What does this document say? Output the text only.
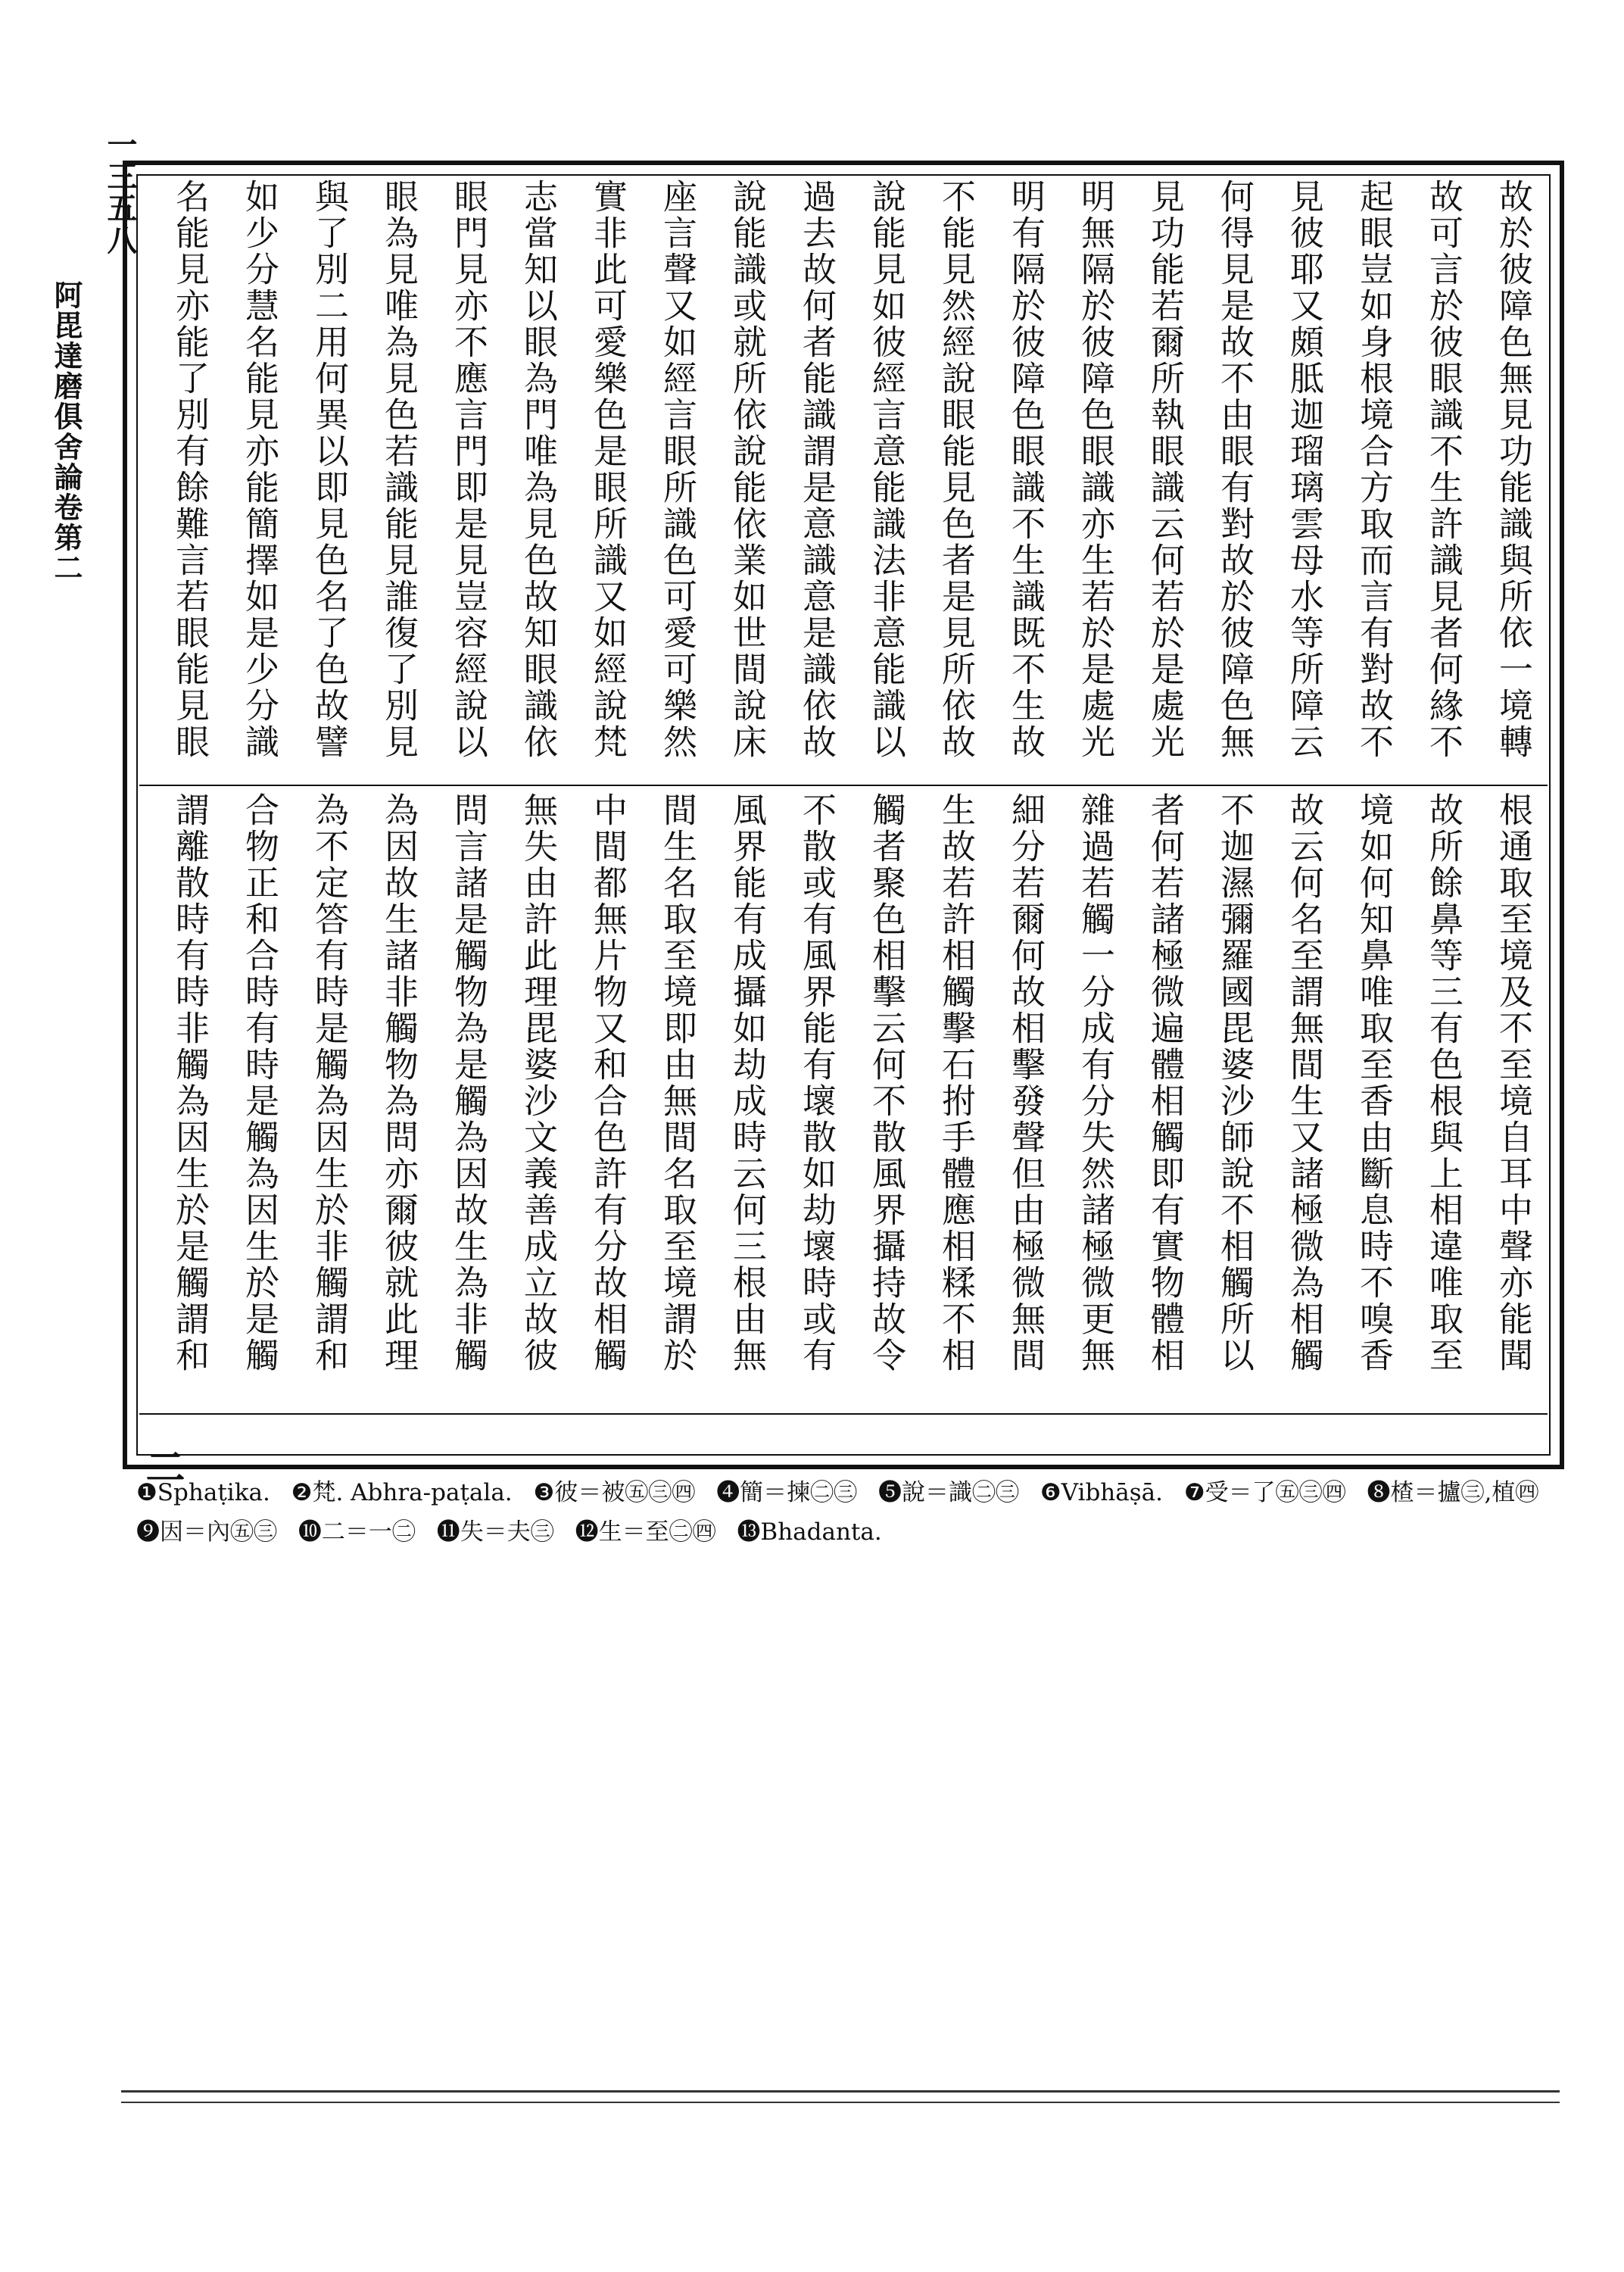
一三五八
阿毘達磨俱舍論卷第二
故於彼障色無見功能識與所依一境轉故可言於彼眼識不生許識見者何緣不起眼豈如身根境合方取而言有對故不見彼耶又頗胝迦瑠璃雲母水等所障云何得見是故不由眼有對故於彼障色無見功能若爾所執眼識云何若於是處光明無隔於彼障色眼識亦生若於是處光明有隔於彼障色眼識不生識既不生故不能見然經說眼能見色者是見所依故說能見如彼經言意能識法非意能識以過去故何者能識謂是意識意是識依故說能識或就所依說能依業如世間說床座言聲又如經言眼所識色可愛可樂然實非此可愛樂色是眼所識又如經說梵志當知以眼為門唯為見色故知眼識依眼門見亦不應言門即是見豈容經說以眼為見唯為見色若識能見誰復了別見與了別二用何異以即見色名了色故譬如少分慧名能見亦能簡擇如是少分識名能見亦能了別有餘難言若眼能見眼
根通取至境及不至境自耳中聲亦能聞故所餘鼻等三有色根與上相違唯取至境如何知鼻唯取至香由斷息時不嗅香故云何名至謂無間生又諸極微為相觸不迦濕彌羅國毘婆沙師說不相觸所以者何若諸極微遍體相觸即有實物體相雜過若觸一分成有分失然諸極微更無細分若爾何故相擊發聲但由極微無間生故若許相觸擊石拊手體應相糅不相觸者聚色相擊云何不散風界攝持故令不散或有風界能有壞散如劫壞時或有風界能有成攝如劫成時云何三根由無間生名取至境即由無間名取至境謂於中間都無片物又和合色許有分故相觸無失由許此理毘婆沙文義善成立故彼問言諸是觸物為是觸為因故生為非觸為因故生諸非觸物為問亦爾彼就此理為不定答有時是觸為因生於非觸謂和合物正和合時有時是觸為因生於是觸謂離散時有時非觸為因生於是觸謂和
❶Sphaṭika. ❷梵. Abhra-paṭala. ❸彼＝被㊄㊂㊃ ❹簡＝揀㊁㊂ ❺說＝識㊁㊂ ❻Vibhāṣā. ❼受＝了㊄㊂㊃ ❽楂＝攎㊂,植㊃ ❾因＝內㊄㊂ ❿二＝一㊁ ⓫失＝夫㊂ ⓬生＝至㊁㊃ ⓭Bhadanta.
二
